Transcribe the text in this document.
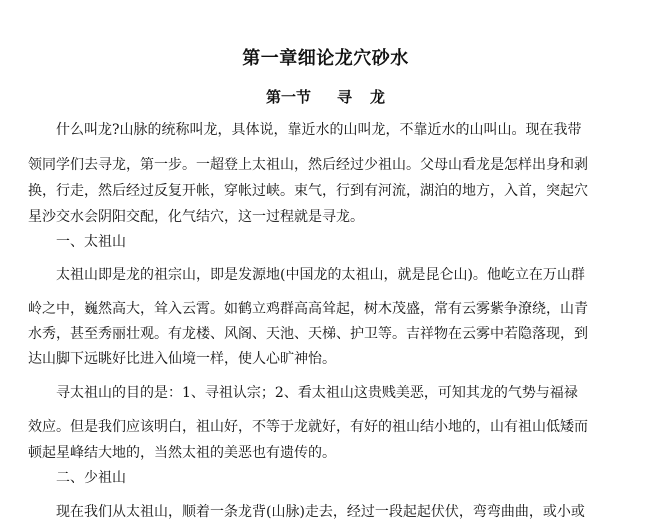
第一章细论龙穴砂水
第一节 寻 龙
什么叫龙?山脉的统称叫龙，具体说，靠近水的山叫龙，不靠近水的山叫山。现在我带
领同学们去寻龙，第一步。一超登上太祖山，然后经过少祖山。父母山看龙是怎样出身和剥
换，行走，然后经过反复开帐，穿帐过峡。束气，行到有河流，湖泊的地方，入首，突起穴
星沙交水会阴阳交配，化气结穴，这一过程就是寻龙。
一、太祖山
太祖山即是龙的祖宗山，即是发源地(中国龙的太祖山，就是昆仑山)。他屹立在万山群
岭之中，巍然高大，耸入云霄。如鹤立鸡群高高耸起，树木茂盛，常有云雾紫争潦绕，山青
水秀，甚至秀丽壮观。有龙楼、风阁、天池、天梯、护卫等。吉祥物在云雾中若隐落现，到
达山脚下远眺好比进入仙境一样，使人心旷神怡。
寻太祖山的目的是：1、寻祖认宗；2、看太祖山这贵贱美恶，可知其龙的气势与福禄
效应。但是我们应该明白，祖山好，不等于龙就好，有好的祖山结小地的，山有祖山低矮而
顿起星峰结大地的，当然太祖的美恶也有遗传的。
二、少祖山
现在我们从太祖山，顺着一条龙背(山脉)走去，经过一段起起伏伏，弯弯曲曲，或小或
